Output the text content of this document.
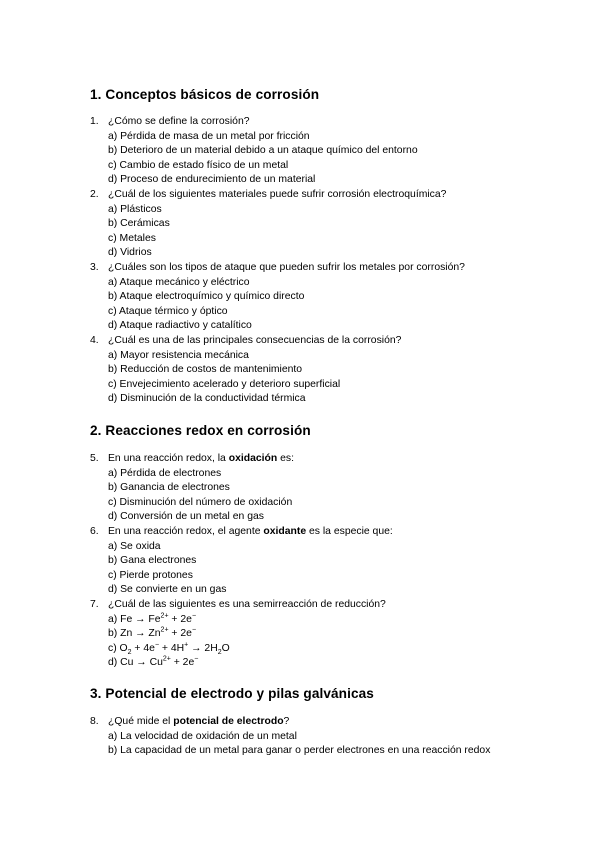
1. Conceptos básicos de corrosión
1. ¿Cómo se define la corrosión?
a) Pérdida de masa de un metal por fricción
b) Deterioro de un material debido a un ataque químico del entorno
c) Cambio de estado físico de un metal
d) Proceso de endurecimiento de un material
2. ¿Cuál de los siguientes materiales puede sufrir corrosión electroquímica?
a) Plásticos
b) Cerámicas
c) Metales
d) Vidrios
3. ¿Cuáles son los tipos de ataque que pueden sufrir los metales por corrosión?
a) Ataque mecánico y eléctrico
b) Ataque electroquímico y químico directo
c) Ataque térmico y óptico
d) Ataque radiactivo y catalítico
4. ¿Cuál es una de las principales consecuencias de la corrosión?
a) Mayor resistencia mecánica
b) Reducción de costos de mantenimiento
c) Envejecimiento acelerado y deterioro superficial
d) Disminución de la conductividad térmica
2. Reacciones redox en corrosión
5. En una reacción redox, la oxidación es:
a) Pérdida de electrones
b) Ganancia de electrones
c) Disminución del número de oxidación
d) Conversión de un metal en gas
6. En una reacción redox, el agente oxidante es la especie que:
a) Se oxida
b) Gana electrones
c) Pierde protones
d) Se convierte en un gas
7. ¿Cuál de las siguientes es una semirreacción de reducción?
a) $Fe \to Fe^{2+} + 2e^-$
b) $Zn \to Zn^{2+} + 2e^-$
c) $O_2 + 4e^- + 4H^+ \to 2H_2O$
d) $Cu \to Cu^{2+} + 2e^-$
3. Potencial de electrodo y pilas galvánicas
8. ¿Qué mide el potencial de electrodo?
a) La velocidad de oxidación de un metal
b) La capacidad de un metal para ganar o perder electrones en una reacción redox
